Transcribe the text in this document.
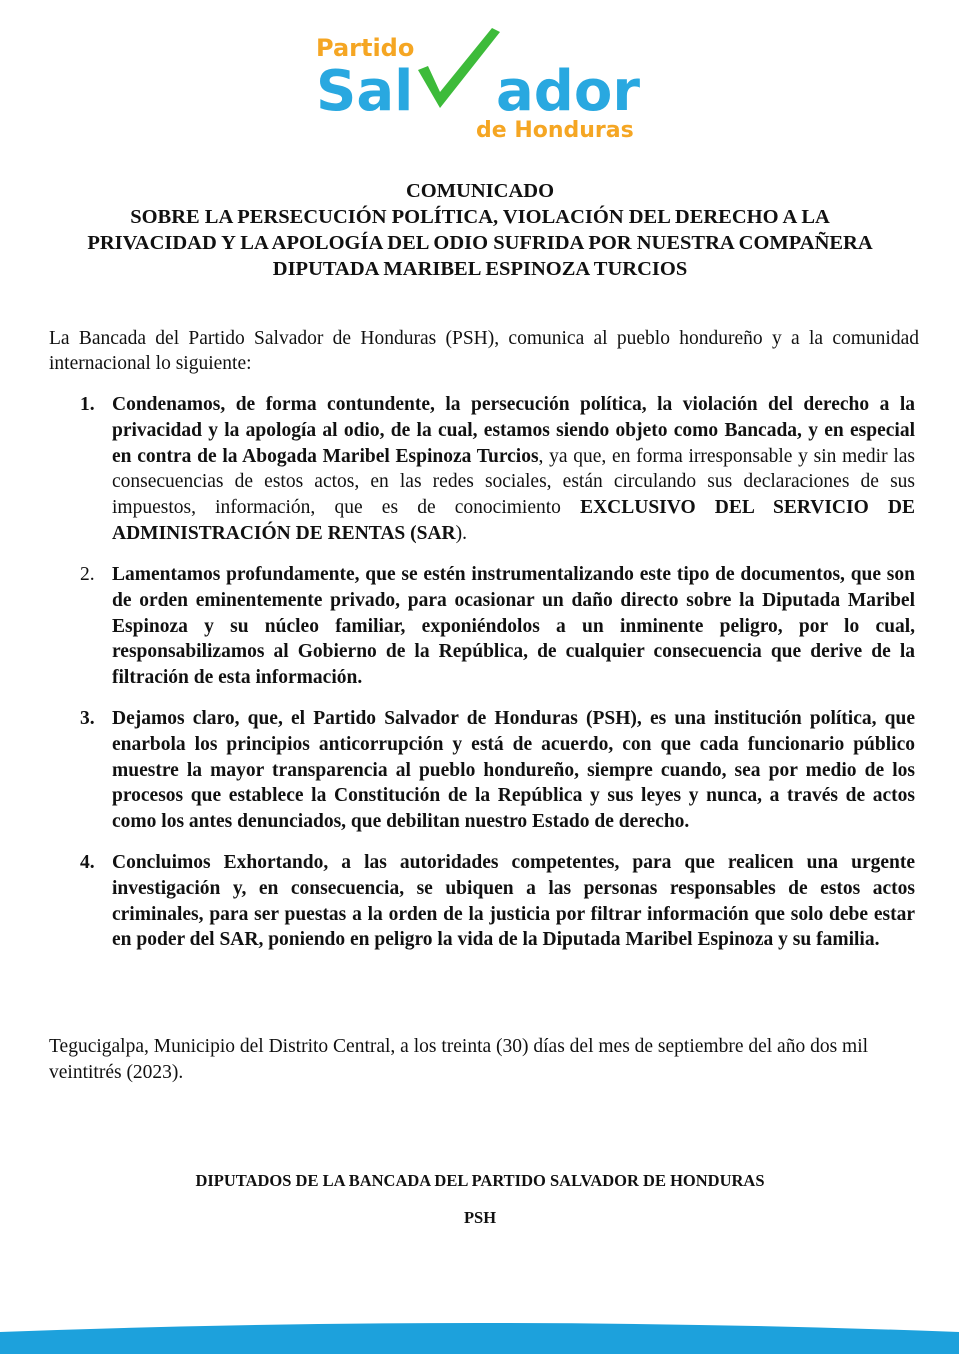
Partido
Sal ador
de Honduras
COMUNICADO
SOBRE LA PERSECUCIÓN POLÍTICA, VIOLACIÓN DEL DERECHO A LA
PRIVACIDAD Y LA APOLOGÍA DEL ODIO SUFRIDA POR NUESTRA COMPAÑERA
DIPUTADA MARIBEL ESPINOZA TURCIOS
La Bancada del Partido Salvador de Honduras (PSH), comunica al pueblo hondureño y a la comunidad internacional lo siguiente:
1. Condenamos, de forma contundente, la persecución política, la violación del derecho a la privacidad y la apología al odio, de la cual, estamos siendo objeto como Bancada, y en especial en contra de la Abogada Maribel Espinoza Turcios, ya que, en forma irresponsable y sin medir las consecuencias de estos actos, en las redes sociales, están circulando sus declaraciones de sus impuestos, información, que es de conocimiento EXCLUSIVO DEL SERVICIO DE ADMINISTRACIÓN DE RENTAS (SAR).
2. Lamentamos profundamente, que se estén instrumentalizando este tipo de documentos, que son de orden eminentemente privado, para ocasionar un daño directo sobre la Diputada Maribel Espinoza y su núcleo familiar, exponiéndolos a un inminente peligro, por lo cual, responsabilizamos al Gobierno de la República, de cualquier consecuencia que derive de la filtración de esta información.
3. Dejamos claro, que, el Partido Salvador de Honduras (PSH), es una institución política, que enarbola los principios anticorrupción y está de acuerdo, con que cada funcionario público muestre la mayor transparencia al pueblo hondureño, siempre cuando, sea por medio de los procesos que establece la Constitución de la República y sus leyes y nunca, a través de actos como los antes denunciados, que debilitan nuestro Estado de derecho.
4. Concluimos Exhortando, a las autoridades competentes, para que realicen una urgente investigación y, en consecuencia, se ubiquen a las personas responsables de estos actos criminales, para ser puestas a la orden de la justicia por filtrar información que solo debe estar en poder del SAR, poniendo en peligro la vida de la Diputada Maribel Espinoza y su familia.
Tegucigalpa, Municipio del Distrito Central, a los treinta (30) días del mes de septiembre del año dos mil veintitrés (2023).
DIPUTADOS DE LA BANCADA DEL PARTIDO SALVADOR DE HONDURAS
PSH
